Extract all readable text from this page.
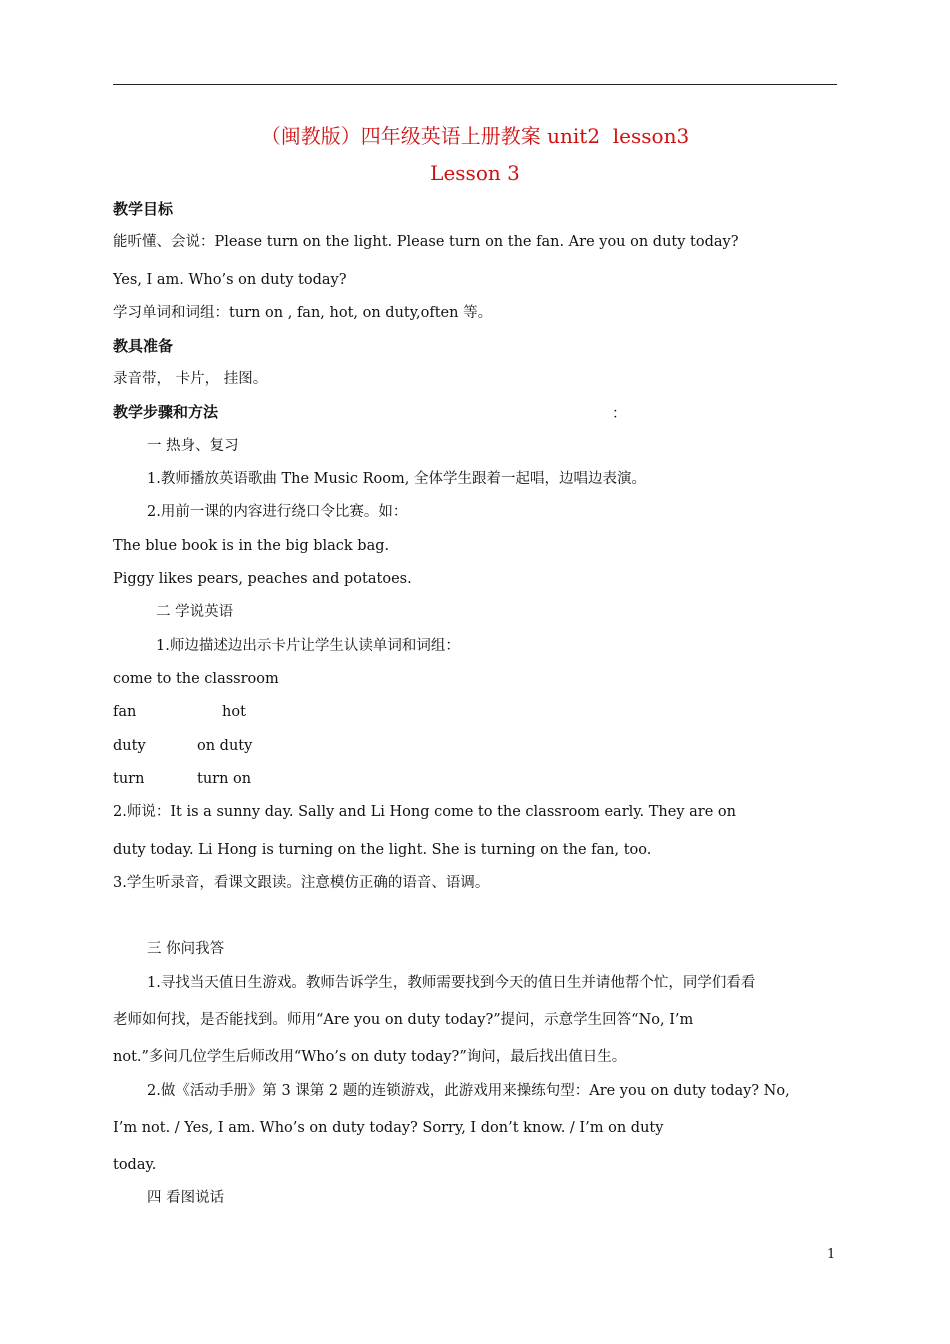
（闽教版）四年级英语上册教案 unit2  lesson3

Lesson 3

教学目标

能听懂、会说：Please turn on the light. Please turn on the fan. Are you on duty today?

Yes, I am. Who’s on duty today?

学习单词和词组：turn on , fan, hot, on duty,often 等。

教具准备

录音带， 卡片， 挂图。

教学步骤和方法	：

一 热身、复习

1.教师播放英语歌曲 The Music Room, 全体学生跟着一起唱，边唱边表演。

2.用前一课的内容进行绕口令比赛。如：

The blue book is in the big black bag.

Piggy likes pears, peaches and potatoes.

二 学说英语

1.师边描述边出示卡片让学生认读单词和词组：

come to the classroom

fan	hot

duty	on duty

turn	turn on

2.师说：It is a sunny day. Sally and Li Hong come to the classroom early. They are on

duty today. Li Hong is turning on the light. She is turning on the fan, too.

3.学生听录音，看课文跟读。注意模仿正确的语音、语调。

三 你问我答

1.寻找当天值日生游戏。教师告诉学生，教师需要找到今天的值日生并请他帮个忙，同学们看看

老师如何找，是否能找到。师用“Are you on duty today?”提问，示意学生回答“No, I’m

not.”多问几位学生后师改用“Who’s on duty today?”询问，最后找出值日生。

2.做《活动手册》第 3 课第 2 题的连锁游戏，此游戏用来操练句型：Are you on duty today? No,

I’m not. / Yes, I am. Who’s on duty today? Sorry, I don’t know. / I’m on duty

today.

四 看图说话

1
